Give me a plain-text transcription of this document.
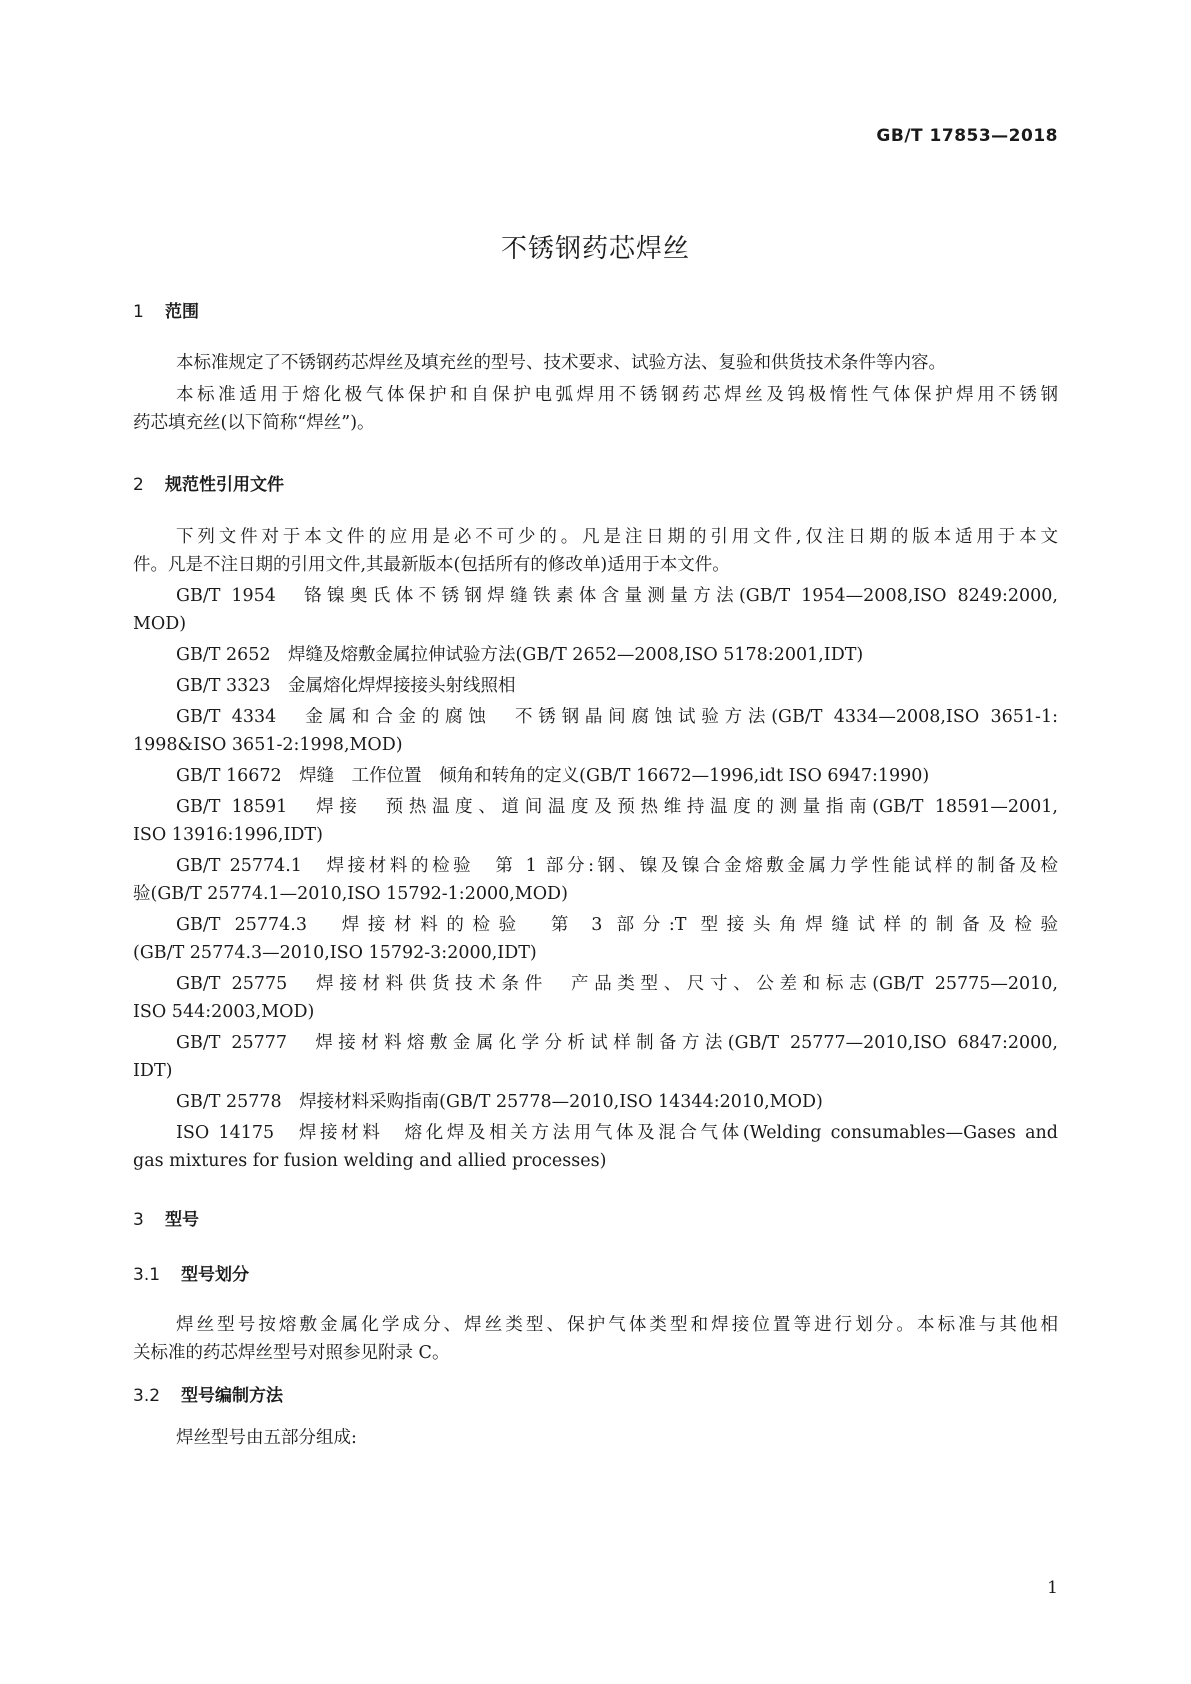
GB/T 17853—2018
不锈钢药芯焊丝
1 范围
本标准规定了不锈钢药芯焊丝及填充丝的型号、技术要求、试验方法、复验和供货技术条件等内容。
本标准适用于熔化极气体保护和自保护电弧焊用不锈钢药芯焊丝及钨极惰性气体保护焊用不锈钢
药芯填充丝(以下简称“焊丝”)。
2 规范性引用文件
下列文件对于本文件的应用是必不可少的。凡是注日期的引用文件,仅注日期的版本适用于本文
件。凡是不注日期的引用文件,其最新版本(包括所有的修改单)适用于本文件。
GB/T 1954　铬镍奥氏体不锈钢焊缝铁素体含量测量方法(GB/T 1954—2008,ISO 8249:2000,
MOD)
GB/T 2652　焊缝及熔敷金属拉伸试验方法(GB/T 2652—2008,ISO 5178:2001,IDT)
GB/T 3323　金属熔化焊焊接接头射线照相
GB/T 4334　金属和合金的腐蚀　不锈钢晶间腐蚀试验方法(GB/T 4334—2008,ISO 3651-1:
1998&ISO 3651-2:1998,MOD)
GB/T 16672　焊缝　工作位置　倾角和转角的定义(GB/T 16672—1996,idt ISO 6947:1990)
GB/T 18591　焊接　预热温度、道间温度及预热维持温度的测量指南(GB/T 18591—2001,
ISO 13916:1996,IDT)
GB/T 25774.1　焊接材料的检验　第 1 部分:钢、镍及镍合金熔敷金属力学性能试样的制备及检
验(GB/T 25774.1—2010,ISO 15792-1:2000,MOD)
GB/T 25774.3　焊接材料的检验　第 3 部分:T 型接头角焊缝试样的制备及检验
(GB/T 25774.3—2010,ISO 15792-3:2000,IDT)
GB/T 25775　焊接材料供货技术条件　产品类型、尺寸、公差和标志(GB/T 25775—2010,
ISO 544:2003,MOD)
GB/T 25777　焊接材料熔敷金属化学分析试样制备方法(GB/T 25777—2010,ISO 6847:2000,
IDT)
GB/T 25778　焊接材料采购指南(GB/T 25778—2010,ISO 14344:2010,MOD)
ISO 14175　焊接材料　熔化焊及相关方法用气体及混合气体(Welding consumables—Gases and
gas mixtures for fusion welding and allied processes)
3 型号
3.1 型号划分
焊丝型号按熔敷金属化学成分、焊丝类型、保护气体类型和焊接位置等进行划分。本标准与其他相
关标准的药芯焊丝型号对照参见附录 C。
3.2 型号编制方法
焊丝型号由五部分组成:
1
